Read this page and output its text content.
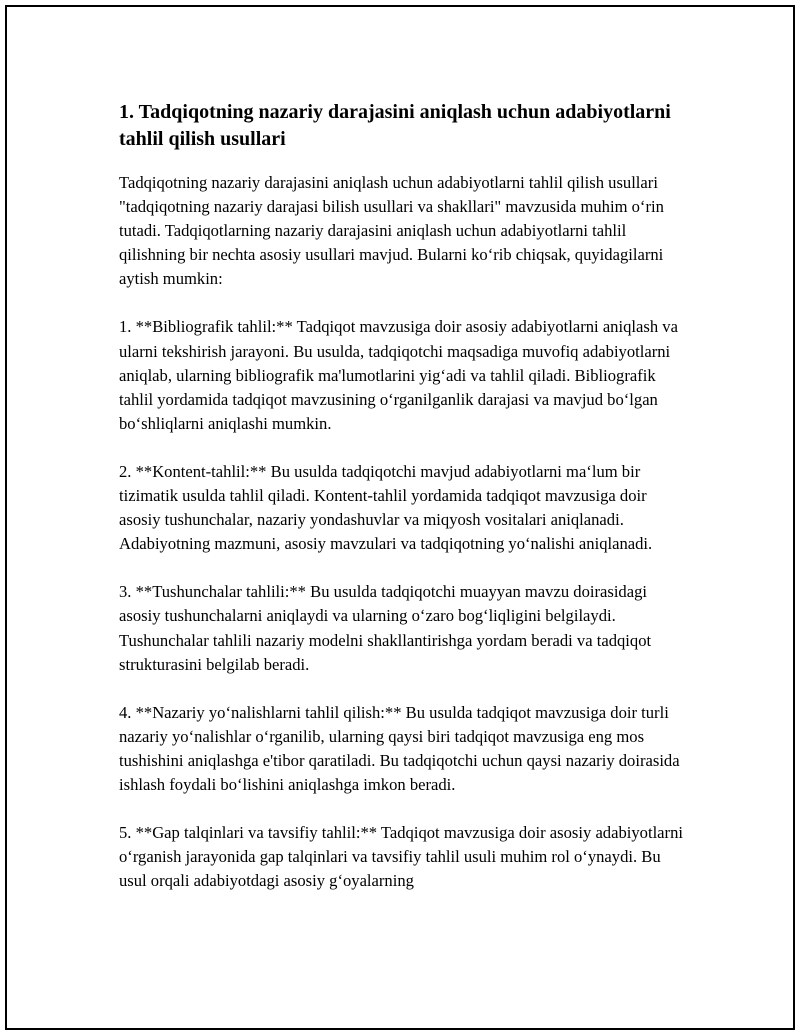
1. Tadqiqotning nazariy darajasini aniqlash uchun adabiyotlarni tahlil qilish usullari

Tadqiqotning nazariy darajasini aniqlash uchun adabiyotlarni tahlil qilish usullari "tadqiqotning nazariy darajasi bilish usullari va shakllari" mavzusida muhim o‘rin tutadi. Tadqiqotlarning nazariy darajasini aniqlash uchun adabiyotlarni tahlil qilishning bir nechta asosiy usullari mavjud. Bularni ko‘rib chiqsak, quyidagilarni aytish mumkin:

1. **Bibliografik tahlil:** Tadqiqot mavzusiga doir asosiy adabiyotlarni aniqlash va ularni tekshirish jarayoni. Bu usulda, tadqiqotchi maqsadiga muvofiq adabiyotlarni aniqlab, ularning bibliografik ma'lumotlarini yig‘adi va tahlil qiladi. Bibliografik tahlil yordamida tadqiqot mavzusining o‘rganilganlik darajasi va mavjud bo‘lgan bo‘shliqlarni aniqlashi mumkin.

2. **Kontent-tahlil:** Bu usulda tadqiqotchi mavjud adabiyotlarni ma‘lum bir tizimatik usulda tahlil qiladi. Kontent-tahlil yordamida tadqiqot mavzusiga doir asosiy tushunchalar, nazariy yondashuvlar va miqyosh vositalari aniqlanadi. Adabiyotning mazmuni, asosiy mavzulari va tadqiqotning yo‘nalishi aniqlanadi.

3. **Tushunchalar tahlili:** Bu usulda tadqiqotchi muayyan mavzu doirasidagi asosiy tushunchalarni aniqlaydi va ularning o‘zaro bog‘liqligini belgilaydi. Tushunchalar tahlili nazariy modelni shakllantirishga yordam beradi va tadqiqot strukturasini belgilab beradi.

4. **Nazariy yo‘nalishlarni tahlil qilish:** Bu usulda tadqiqot mavzusiga doir turli nazariy yo‘nalishlar o‘rganilib, ularning qaysi biri tadqiqot mavzusiga eng mos tushishini aniqlashga e'tibor qaratiladi. Bu tadqiqotchi uchun qaysi nazariy doirasida ishlash foydali bo‘lishini aniqlashga imkon beradi.

5. **Gap talqinlari va tavsifiy tahlil:** Tadqiqot mavzusiga doir asosiy adabiyotlarni o‘rganish jarayonida gap talqinlari va tavsifiy tahlil usuli muhim rol o‘ynaydi. Bu usul orqali adabiyotdagi asosiy g‘oyalarning
